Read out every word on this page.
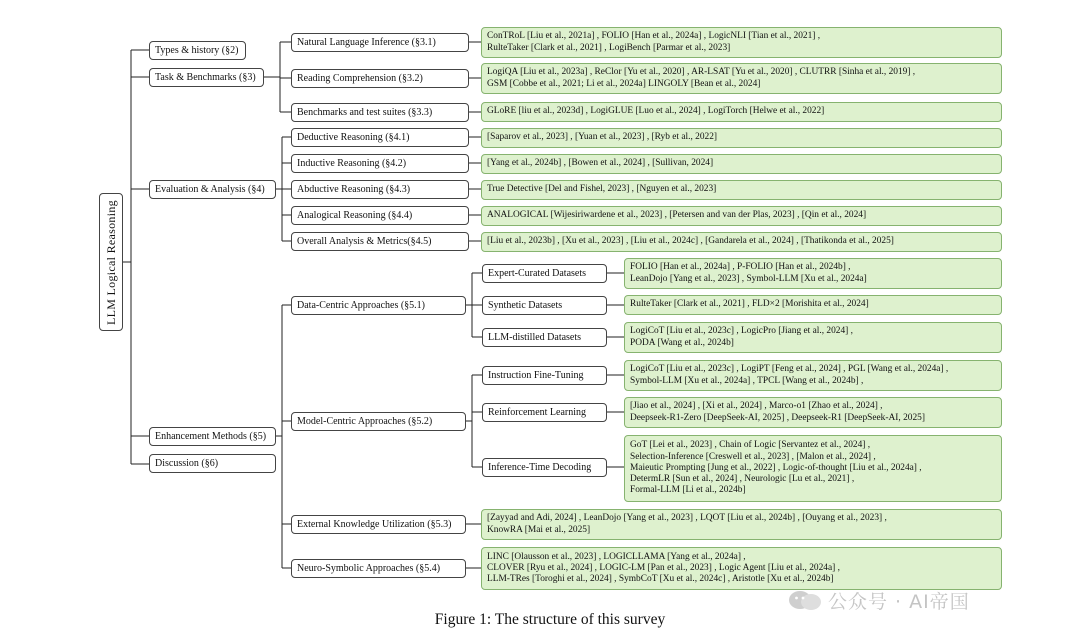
LLM Logical Reasoning
Types & history (§2)
Task & Benchmarks (§3)
Evaluation & Analysis (§4)
Enhancement Methods (§5)
Discussion (§6)
Natural Language Inference (§3.1)
Reading Comprehension (§3.2)
Benchmarks and test suites (§3.3)
Deductive Reasoning (§4.1)
Inductive Reasoning (§4.2)
Abductive Reasoning (§4.3)
Analogical Reasoning (§4.4)
Overall Analysis & Metrics(§4.5)
Data-Centric Approaches (§5.1)
Model-Centric Approaches (§5.2)
External Knowledge Utilization (§5.3)
Neuro-Symbolic Approaches (§5.4)
Expert-Curated Datasets
Synthetic Datasets
LLM-distilled Datasets
Instruction Fine-Tuning
Reinforcement Learning
Inference-Time Decoding
ConTRoL [Liu et al., 2021a] , FOLIO [Han et al., 2024a] , LogicNLI [Tian et al., 2021] ,
RulteTaker [Clark et al., 2021] , LogiBench [Parmar et al., 2023]
LogiQA [Liu et al., 2023a] , ReClor [Yu et al., 2020] , AR-LSAT [Yu et al., 2020] , CLUTRR [Sinha et al., 2019] ,
GSM [Cobbe et al., 2021; Li et al., 2024a] LINGOLY [Bean et al., 2024]
GLoRE [liu et al., 2023d] , LogiGLUE [Luo et al., 2024] , LogiTorch [Helwe et al., 2022]
[Saparov et al., 2023] , [Yuan et al., 2023] , [Ryb et al., 2022]
[Yang et al., 2024b] , [Bowen et al., 2024] , [Sullivan, 2024]
True Detective [Del and Fishel, 2023] , [Nguyen et al., 2023]
ANALOGICAL [Wijesiriwardene et al., 2023] , [Petersen and van der Plas, 2023] , [Qin et al., 2024]
[Liu et al., 2023b] , [Xu et al., 2023] , [Liu et al., 2024c] , [Gandarela et al., 2024] , [Thatikonda et al., 2025]
FOLIO [Han et al., 2024a] , P-FOLIO [Han et al., 2024b] ,
LeanDojo [Yang et al., 2023] , Symbol-LLM [Xu et al., 2024a]
RulteTaker [Clark et al., 2021] , FLD×2 [Morishita et al., 2024]
LogiCoT [Liu et al., 2023c] , LogicPro [Jiang et al., 2024] ,
PODA [Wang et al., 2024b]
LogiCoT [Liu et al., 2023c] , LogiPT [Feng et al., 2024] , PGL [Wang et al., 2024a] ,
Symbol-LLM [Xu et al., 2024a] , TPCL [Wang et al., 2024b] ,
[Jiao et al., 2024] , [Xi et al., 2024] , Marco-o1 [Zhao et al., 2024] ,
Deepseek-R1-Zero [DeepSeek-AI, 2025] , Deepseek-R1 [DeepSeek-AI, 2025]
GoT [Lei et al., 2023] , Chain of Logic [Servantez et al., 2024] ,
Selection-Inference [Creswell et al., 2023] , [Malon et al., 2024] ,
Maieutic Prompting [Jung et al., 2022] , Logic-of-thought [Liu et al., 2024a] ,
DetermLR [Sun et al., 2024] , Neurologic [Lu et al., 2021] ,
Formal-LLM [Li et al., 2024b]
[Zayyad and Adi, 2024] , LeanDojo [Yang et al., 2023] , LQOT [Liu et al., 2024b] , [Ouyang et al., 2023] ,
KnowRA [Mai et al., 2025]
LINC [Olausson et al., 2023] , LOGICLLAMA [Yang et al., 2024a] ,
CLOVER [Ryu et al., 2024] , LOGIC-LM [Pan et al., 2023] , Logic Agent [Liu et al., 2024a] ,
LLM-TRes [Toroghi et al., 2024] , SymbCoT [Xu et al., 2024c] , Aristotle [Xu et al., 2024b]
公众号 · AI帝国
Figure 1: The structure of this survey
